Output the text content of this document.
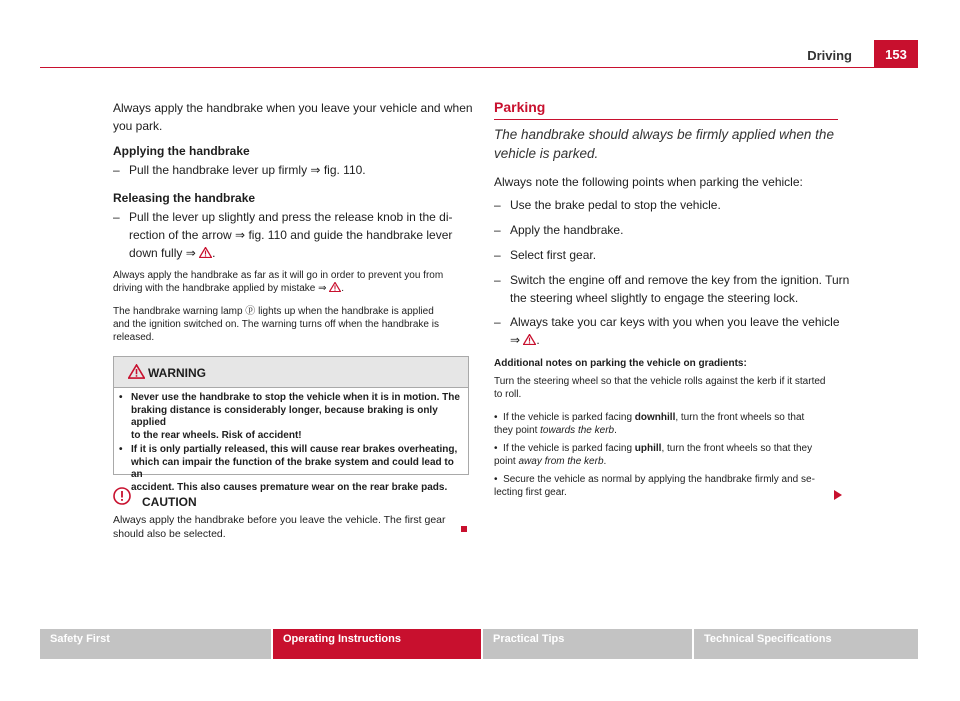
Driving	153
Always apply the handbrake when you leave your vehicle and when you park.
Applying the handbrake
– Pull the handbrake lever up firmly ⇒ fig. 110.
Releasing the handbrake
– Pull the lever up slightly and press the release knob in the di-
rection of the arrow ⇒ fig. 110 and guide the handbrake lever
down fully ⇒ .
Always apply the handbrake as far as it will go in order to prevent you from
driving with the handbrake applied by mistake ⇒ .
The handbrake warning lamp ⓟ lights up when the handbrake is applied
and the ignition switched on. The warning turns off when the handbrake is
released.
WARNING
• Never use the handbrake to stop the vehicle when it is in motion. The
braking distance is considerably longer, because braking is only applied
to the rear wheels. Risk of accident!
• If it is only partially released, this will cause rear brakes overheating,
which can impair the function of the brake system and could lead to an
accident. This also causes premature wear on the rear brake pads.
CAUTION
Always apply the handbrake before you leave the vehicle. The first gear
should also be selected.
Parking
The handbrake should always be firmly applied when the
vehicle is parked.
Always note the following points when parking the vehicle:
– Use the brake pedal to stop the vehicle.
– Apply the handbrake.
– Select first gear.
– Switch the engine off and remove the key from the ignition. Turn
the steering wheel slightly to engage the steering lock.
– Always take you car keys with you when you leave the vehicle
⇒ .
Additional notes on parking the vehicle on gradients:
Turn the steering wheel so that the vehicle rolls against the kerb if it started
to roll.
•  If the vehicle is parked facing downhill, turn the front wheels so that
they point towards the kerb.
•  If the vehicle is parked facing uphill, turn the front wheels so that they
point away from the kerb.
•  Secure the vehicle as normal by applying the handbrake firmly and se-
lecting first gear.
Safety First	Operating Instructions	Practical Tips	Technical Specifications
